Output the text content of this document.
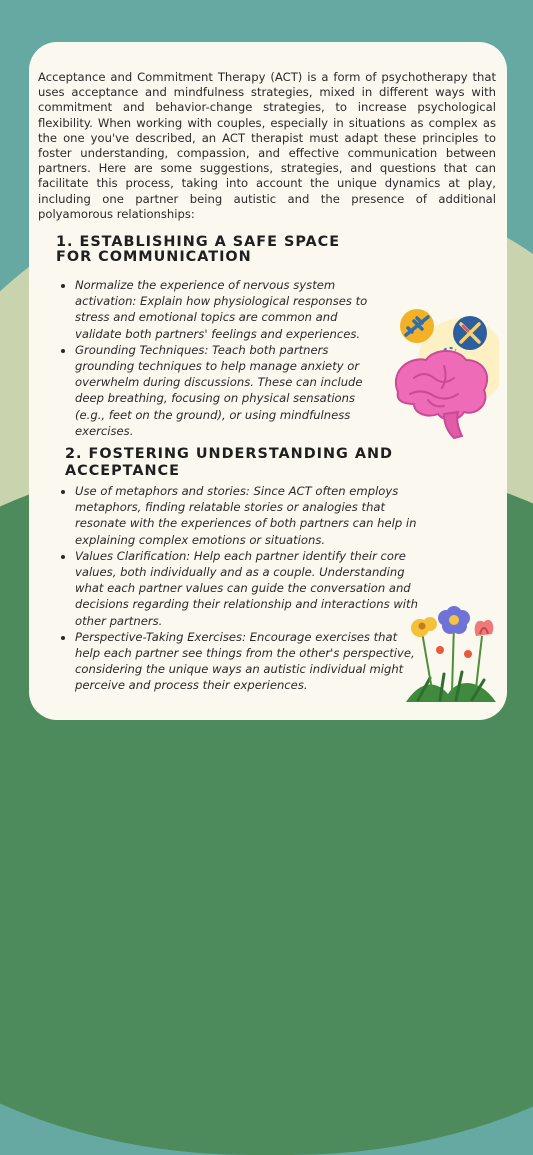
Acceptance and Commitment Therapy (ACT) is a form of psychotherapy that uses acceptance and mindfulness strategies, mixed in different ways with commitment and behavior-change strategies, to increase psychological flexibility. When working with couples, especially in situations as complex as the one you've described, an ACT therapist must adapt these principles to foster understanding, compassion, and effective communication between partners. Here are some suggestions, strategies, and questions that can facilitate this process, taking into account the unique dynamics at play, including one partner being autistic and the presence of additional polyamorous relationships:

1. ESTABLISHING A SAFE SPACE FOR COMMUNICATION
• Normalize the experience of nervous system activation: Explain how physiological responses to stress and emotional topics are common and validate both partners' feelings and experiences.
• Grounding Techniques: Teach both partners grounding techniques to help manage anxiety or overwhelm during discussions. These can include deep breathing, focusing on physical sensations (e.g., feet on the ground), or using mindfulness exercises.
2. FOSTERING UNDERSTANDING AND ACCEPTANCE
• Use of metaphors and stories: Since ACT often employs metaphors, finding relatable stories or analogies that resonate with the experiences of both partners can help in explaining complex emotions or situations.
• Values Clarification: Help each partner identify their core values, both individually and as a couple. Understanding what each partner values can guide the conversation and decisions regarding their relationship and interactions with other partners.
• Perspective-Taking Exercises: Encourage exercises that help each partner see things from the other's perspective, considering the unique ways an autistic individual might perceive and process their experiences.
